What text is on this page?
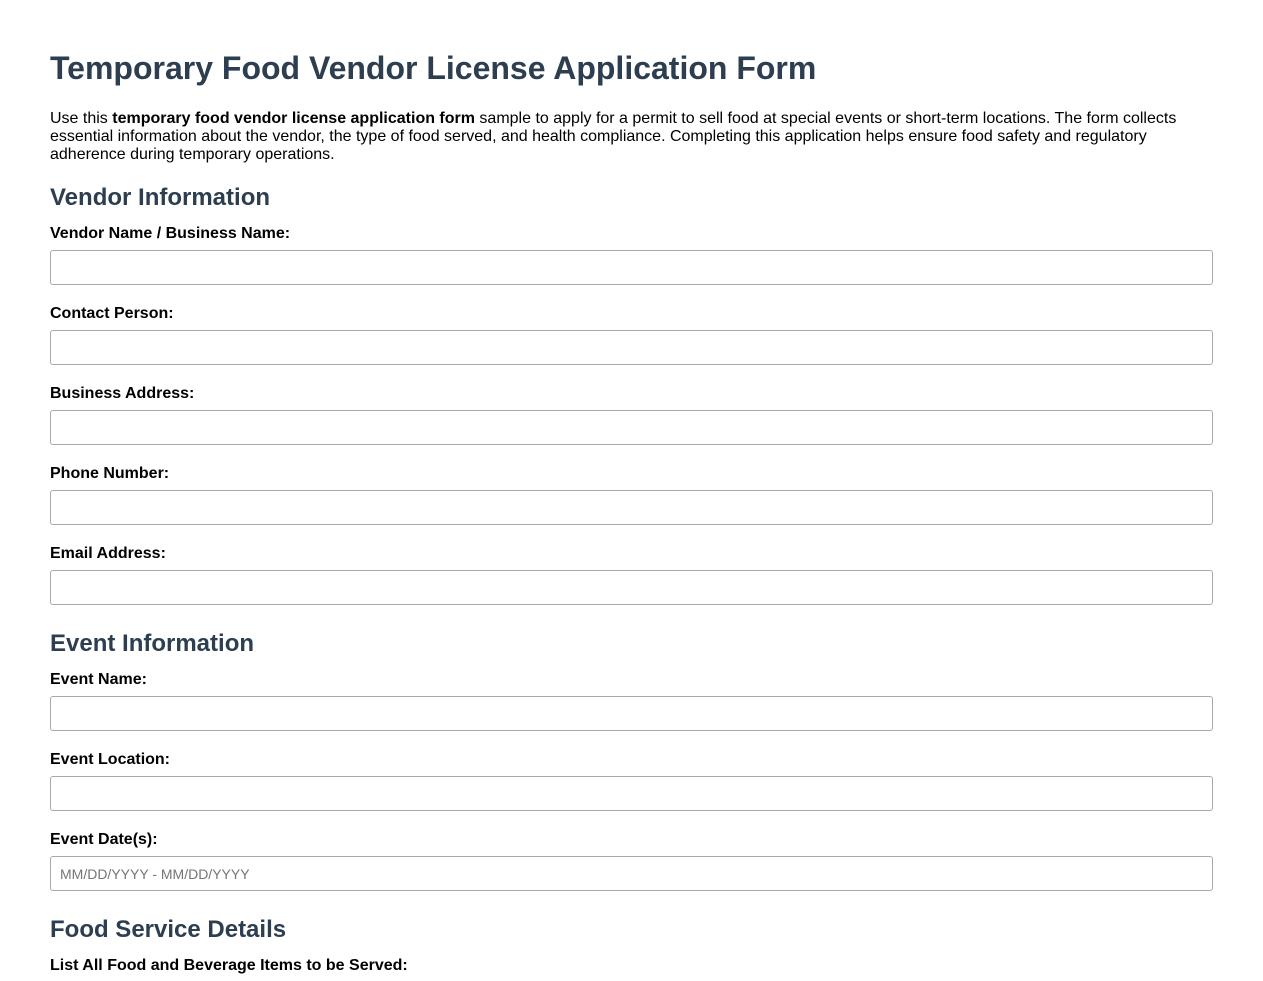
Temporary Food Vendor License Application Form

Use this temporary food vendor license application form sample to apply for a permit to sell food at special events or short-term locations. The form collects essential information about the vendor, the type of food served, and health compliance. Completing this application helps ensure food safety and regulatory adherence during temporary operations.

Vendor Information
Vendor Name / Business Name:
Contact Person:
Business Address:
Phone Number:
Email Address:
Event Information
Event Name:
Event Location:
Event Date(s):
MM/DD/YYYY - MM/DD/YYYY
Food Service Details
List All Food and Beverage Items to be Served:
